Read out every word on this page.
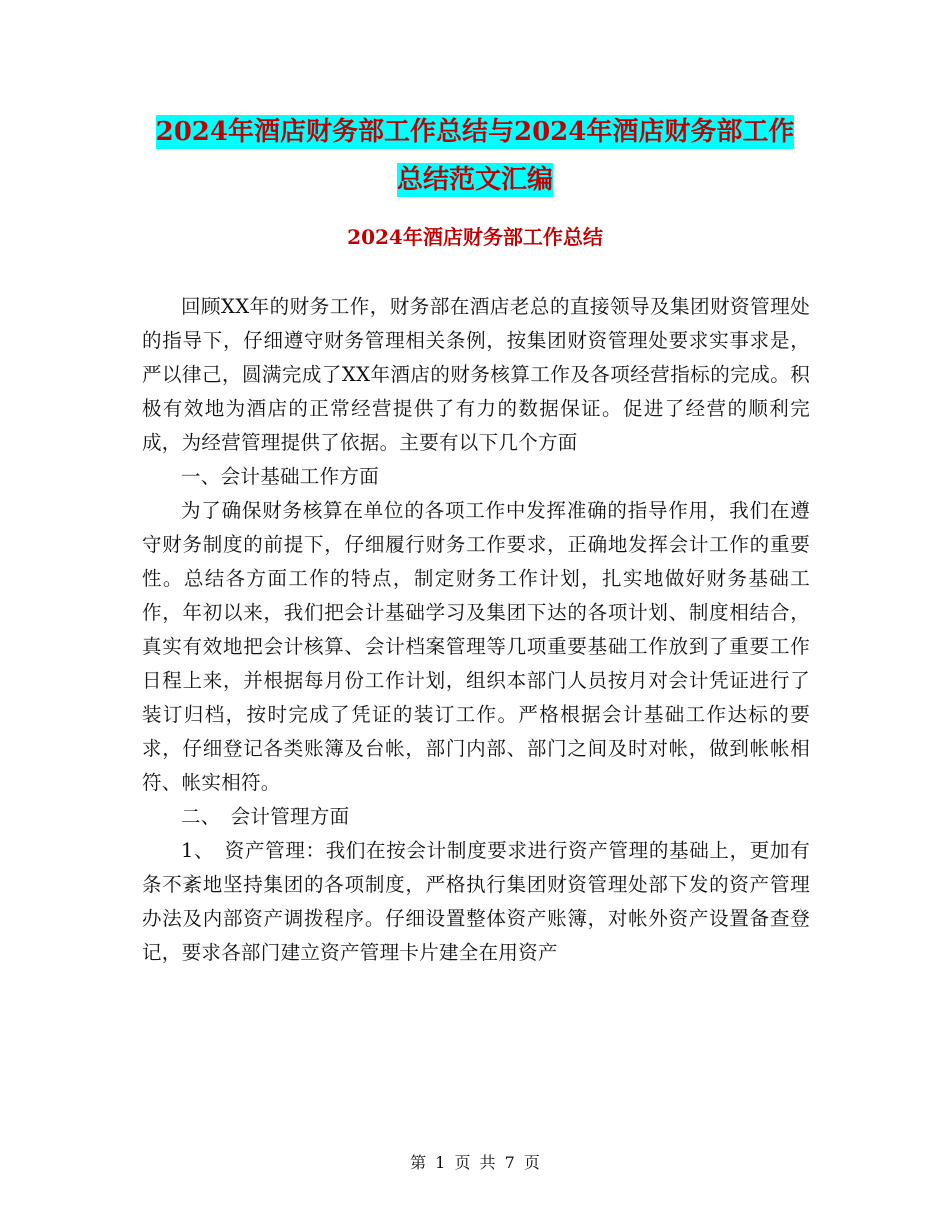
2024年酒店财务部工作总结与2024年酒店财务部工作
总结范文汇编
2024年酒店财务部工作总结

回顾XX年的财务工作，财务部在酒店老总的直接领导及集团财资管理处的指导下，仔细遵守财务管理相关条例，按集团财资管理处要求实事求是，严以律己，圆满完成了XX年酒店的财务核算工作及各项经营指标的完成。积极有效地为酒店的正常经营提供了有力的数据保证。促进了经营的顺利完成，为经营管理提供了依据。主要有以下几个方面

一、会计基础工作方面

为了确保财务核算在单位的各项工作中发挥准确的指导作用，我们在遵守财务制度的前提下，仔细履行财务工作要求，正确地发挥会计工作的重要性。总结各方面工作的特点，制定财务工作计划，扎实地做好财务基础工作，年初以来，我们把会计基础学习及集团下达的各项计划、制度相结合，真实有效地把会计核算、会计档案管理等几项重要基础工作放到了重要工作日程上来，并根据每月份工作计划，组织本部门人员按月对会计凭证进行了装订归档，按时完成了凭证的装订工作。严格根据会计基础工作达标的要求，仔细登记各类账簿及台帐，部门内部、部门之间及时对帐，做到帐帐相符、帐实相符。

二、　会计管理方面

1、　资产管理：我们在按会计制度要求进行资产管理的基础上，更加有条不紊地坚持集团的各项制度，严格执行集团财资管理处部下发的资产管理办法及内部资产调拨程序。仔细设置整体资产账簿，对帐外资产设置备查登记，要求各部门建立资产管理卡片建全在用资产

第 1 页 共 7 页
